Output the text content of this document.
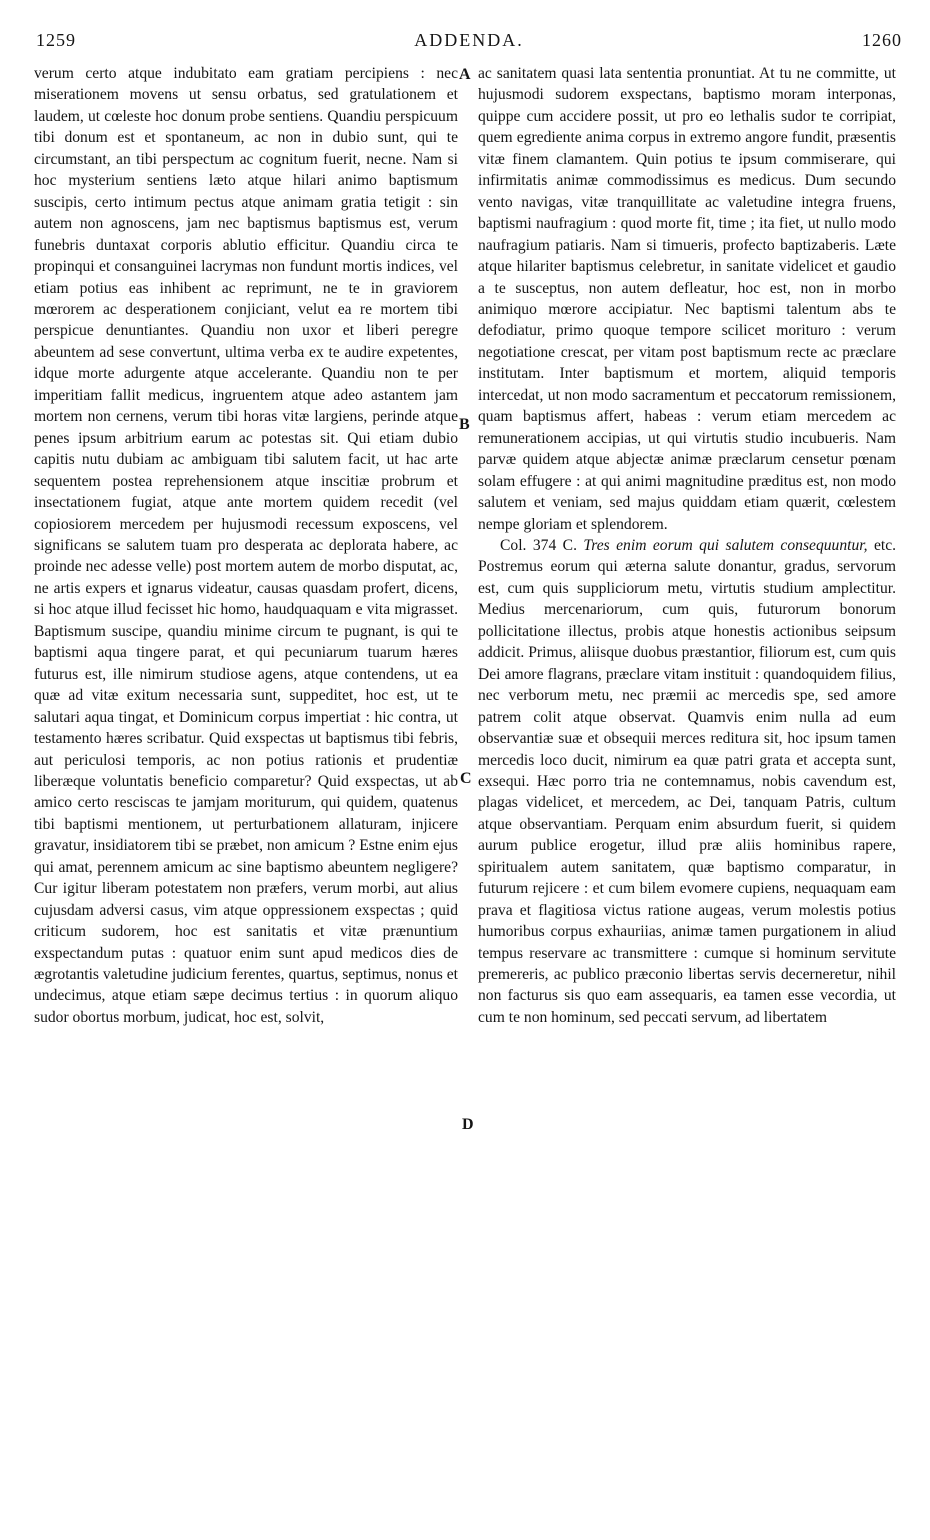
1259	ADDENDA.	1260

verum certo atque indubitato eam gratiam percipiens : nec miserationem movens ut sensu orbatus, sed gratulationem et laudem, ut cœleste hoc donum probe sentiens. Quandiu perspicuum tibi donum est et spontaneum, ac non in dubio sunt, qui te circumstant, an tibi perspectum ac cognitum fuerit, necne. Nam si hoc mysterium sentiens læto atque hilari animo baptismum suscipis, certo intimum pectus atque animam gratia tetigit : sin autem non agnoscens, jam nec baptismus baptismus est, verum funebris duntaxat corporis ablutio efficitur. Quandiu circa te propinqui et consanguinei lacrymas non fundunt mortis indices, vel etiam potius eas inhibent ac reprimunt, ne te in graviorem mœrorem ac desperationem conjiciant, velut ea re mortem tibi perspicue denuntiantes. Quandiu non uxor et liberi peregre abeuntem ad sese convertunt, ultima verba ex te audire expetentes, idque morte adurgente atque accelerante. Quandiu non te per imperitiam fallit medicus, ingruentem atque adeo astantem jam mortem non cernens, verum tibi horas vitæ largiens, perinde atque penes ipsum arbitrium earum ac potestas sit. Qui etiam dubio capitis nutu dubiam ac ambiguam tibi salutem facit, ut hac arte sequentem postea reprehensionem atque inscitiæ probrum et insectationem fugiat, atque ante mortem quidem recedit (vel copiosiorem mercedem per hujusmodi recessum exposcens, vel significans se salutem tuam pro desperata ac deplorata habere, ac proinde nec adesse velle) post mortem autem de morbo disputat, ac, ne artis expers et ignarus videatur, causas quasdam profert, dicens, si hoc atque illud fecisset hic homo, haudquaquam e vita migrasset. Baptismum suscipe, quandiu minime circum te pugnant, is qui te baptismi aqua tingere parat, et qui pecuniarum tuarum hæres futurus est, ille nimirum studiose agens, atque contendens, ut ea quæ ad vitæ exitum necessaria sunt, suppeditet, hoc est, ut te salutari aqua tingat, et Dominicum corpus impertiat : hic contra, ut testamento hæres scribatur. Quid exspectas ut baptismus tibi febris, aut periculosi temporis, ac non potius rationis et prudentiæ liberæque voluntatis beneficio comparetur? Quid exspectas, ut ab amico certo resciscas te jamjam moriturum, qui quidem, quatenus tibi baptismi mentionem, ut perturbationem allaturam, injicere gravatur, insidiatorem tibi se præbet, non amicum ? Estne enim ejus qui amat, perennem amicum ac sine baptismo abeuntem negligere? Cur igitur liberam potestatem non præfers, verum morbi, aut alius cujusdam adversi casus, vim atque oppressionem exspectas ; quid criticum sudorem, hoc est sanitatis et vitæ prænuntium exspectandum putas : quatuor enim sunt apud medicos dies de ægrotantis valetudine judicium ferentes, quartus, septimus, nonus et undecimus, atque etiam sæpe decimus tertius : in quorum aliquo sudor obortus morbum, judicat, hoc est, solvit,

A
B
C
D

ac sanitatem quasi lata sententia pronuntiat. At tu ne committe, ut hujusmodi sudorem exspectans, baptismo moram interponas, quippe cum accidere possit, ut pro eo lethalis sudor te corripiat, quem egrediente anima corpus in extremo angore fundit, præsentis vitæ finem clamantem. Quin potius te ipsum commiserare, qui infirmitatis animæ commodissimus es medicus. Dum secundo vento navigas, vitæ tranquillitate ac valetudine integra fruens, baptismi naufragium : quod morte fit, time ; ita fiet, ut nullo modo naufragium patiaris. Nam si timueris, profecto baptizaberis. Læte atque hilariter baptismus celebretur, in sanitate videlicet et gaudio a te susceptus, non autem defleatur, hoc est, non in morbo animiquo mœrore accipiatur. Nec baptismi talentum abs te defodiatur, primo quoque tempore scilicet morituro : verum negotiatione crescat, per vitam post baptismum recte ac præclare institutam. Inter baptismum et mortem, aliquid temporis intercedat, ut non modo sacramentum et peccatorum remissionem, quam baptismus affert, habeas : verum etiam mercedem ac remunerationem accipias, ut qui virtutis studio incubueris. Nam parvæ quidem atque abjectæ animæ præclarum censetur pœnam solam effugere : at qui animi magnitudine præditus est, non modo salutem et veniam, sed majus quiddam etiam quærit, cœlestem nempe gloriam et splendorem.

Col. 374 C. Tres enim eorum qui salutem consequuntur, etc. Postremus eorum qui æterna salute donantur, gradus, servorum est, cum quis suppliciorum metu, virtutis studium amplectitur. Medius mercenariorum, cum quis, futurorum bonorum pollicitatione illectus, probis atque honestis actionibus seipsum addicit. Primus, aliisque duobus præstantior, filiorum est, cum quis Dei amore flagrans, præclare vitam instituit : quandoquidem filius, nec verborum metu, nec præmii ac mercedis spe, sed amore patrem colit atque observat. Quamvis enim nulla ad eum observantiæ suæ et obsequii merces reditura sit, hoc ipsum tamen mercedis loco ducit, nimirum ea quæ patri grata et accepta sunt, exsequi. Hæc porro tria ne contemnamus, nobis cavendum est, plagas videlicet, et mercedem, ac Dei, tanquam Patris, cultum atque observantiam. Perquam enim absurdum fuerit, si quidem aurum publice erogetur, illud præ aliis hominibus rapere, spiritualem autem sanitatem, quæ baptismo comparatur, in futurum rejicere : et cum bilem evomere cupiens, nequaquam eam prava et flagitiosa victus ratione augeas, verum molestis potius humoribus corpus exhauriias, animæ tamen purgationem in aliud tempus reservare ac transmittere : cumque si hominum servitute premereris, ac publico præconio libertas servis decerneretur, nihil non facturus sis quo eam assequaris, ea tamen esse vecordia, ut cum te non hominum, sed peccati servum, ad libertatem
